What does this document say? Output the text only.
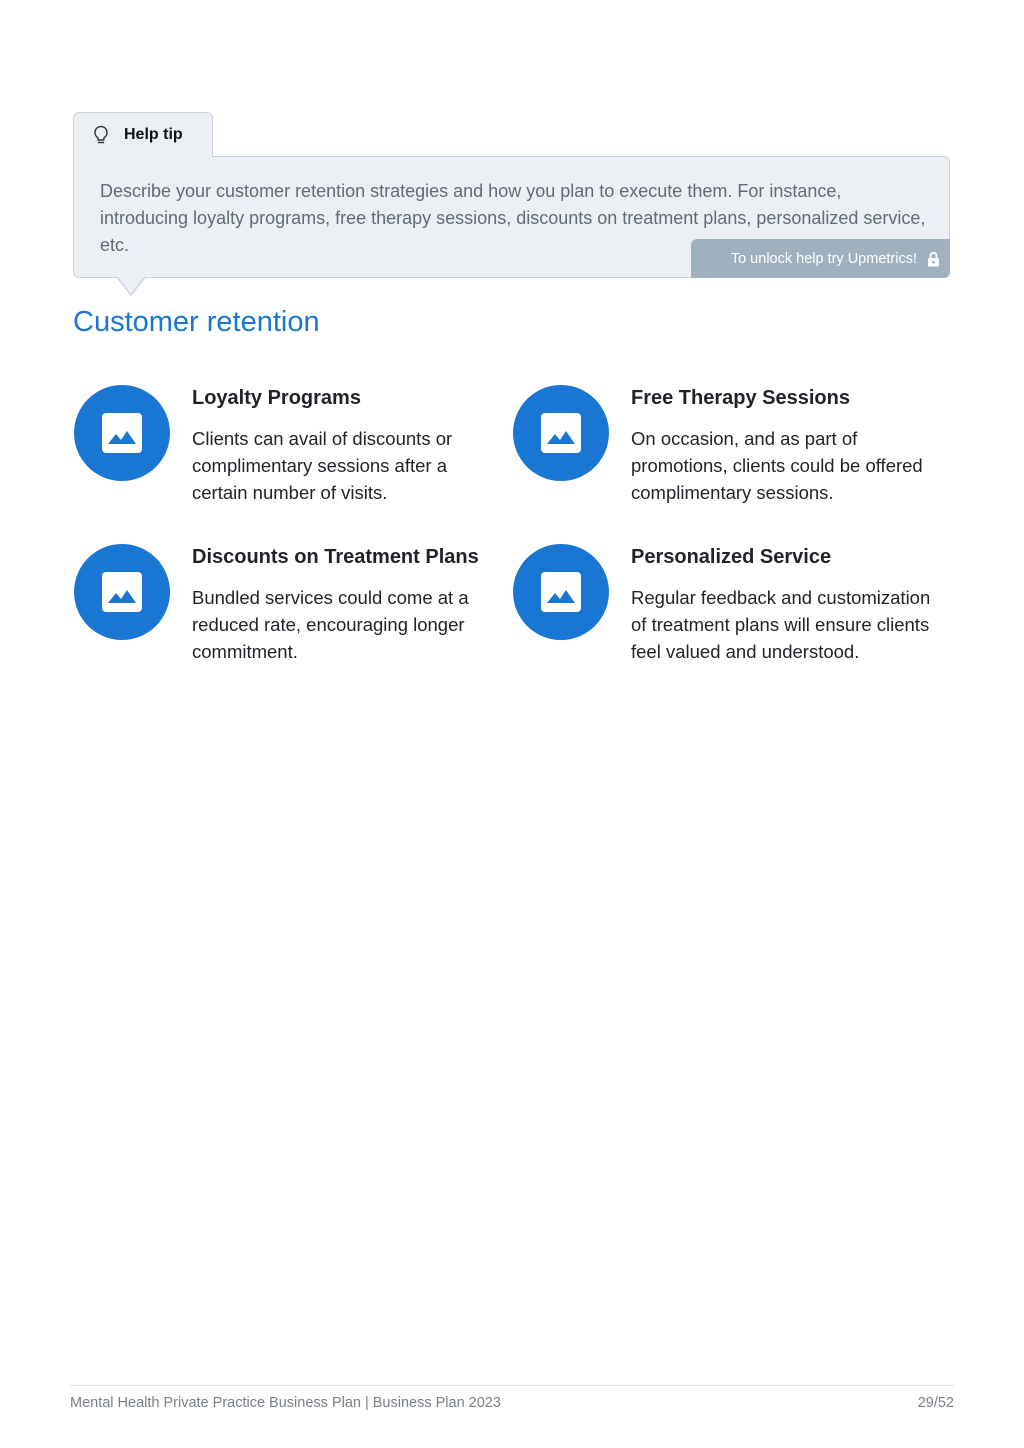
Help tip

Describe your customer retention strategies and how you plan to execute them. For instance, introducing loyalty programs, free therapy sessions, discounts on treatment plans, personalized service, etc.

To unlock help try Upmetrics!
Customer retention
Loyalty Programs

Clients can avail of discounts or complimentary sessions after a certain number of visits.

Free Therapy Sessions

On occasion, and as part of promotions, clients could be offered complimentary sessions.

Discounts on Treatment Plans

Bundled services could come at a reduced rate, encouraging longer commitment.

Personalized Service

Regular feedback and customization of treatment plans will ensure clients feel valued and understood.

Mental Health Private Practice Business Plan | Business Plan 2023	29/52
